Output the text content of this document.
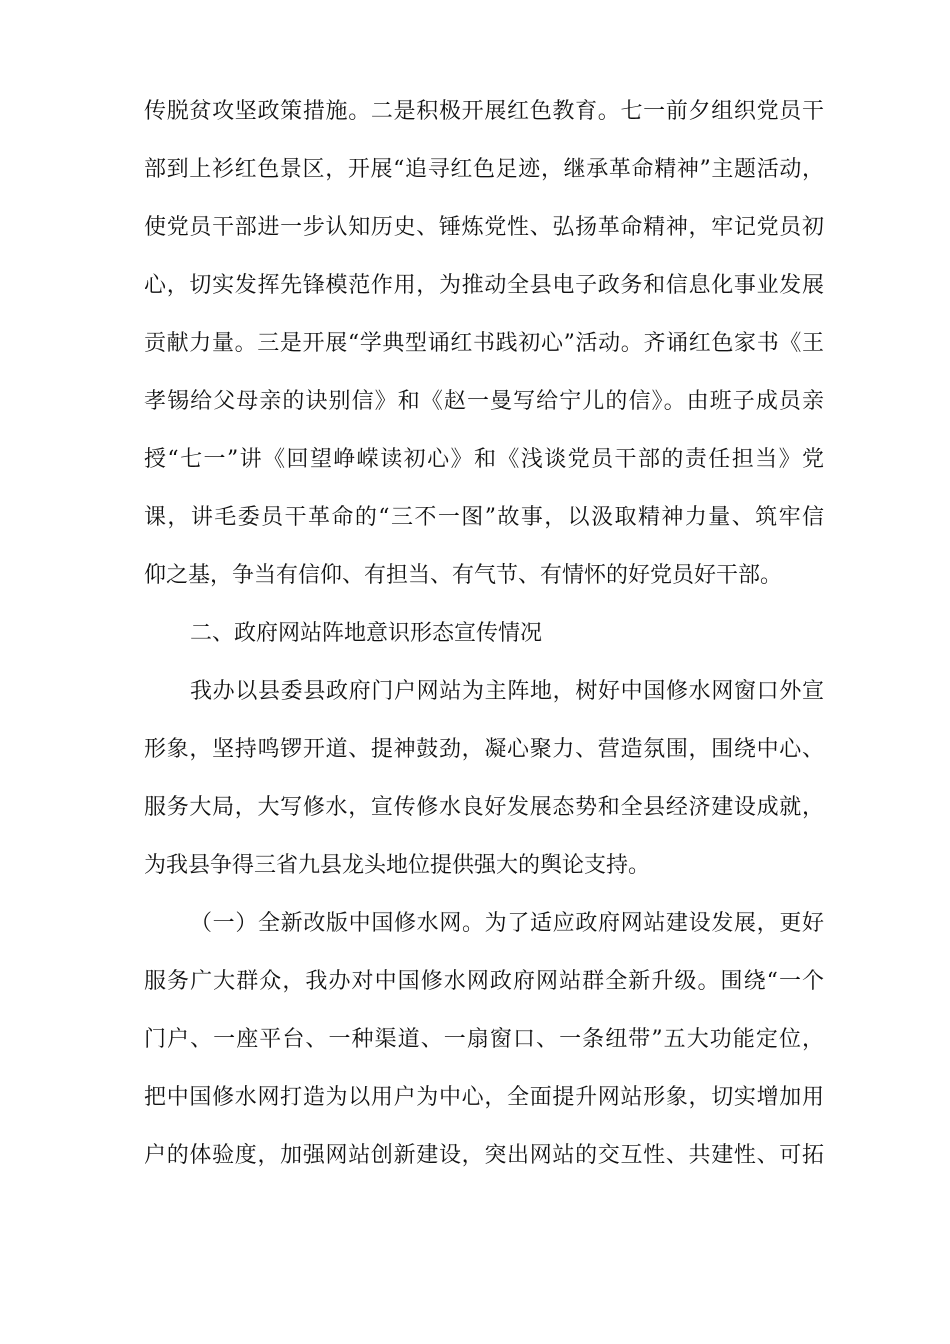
传脱贫攻坚政策措施。二是积极开展红色教育。七一前夕组织党员干
部到上衫红色景区，开展“追寻红色足迹，继承革命精神”主题活动，
使党员干部进一步认知历史、锤炼党性、弘扬革命精神，牢记党员初
心，切实发挥先锋模范作用，为推动全县电子政务和信息化事业发展
贡献力量。三是开展“学典型诵红书践初心”活动。齐诵红色家书《王
孝锡给父母亲的诀别信》和《赵一曼写给宁儿的信》。由班子成员亲
授“七一”讲《回望峥嵘读初心》和《浅谈党员干部的责任担当》党
课，讲毛委员干革命的“三不一图”故事，以汲取精神力量、筑牢信
仰之基，争当有信仰、有担当、有气节、有情怀的好党员好干部。
二、政府网站阵地意识形态宣传情况
我办以县委县政府门户网站为主阵地，树好中国修水网窗口外宣
形象，坚持鸣锣开道、提神鼓劲，凝心聚力、营造氛围，围绕中心、
服务大局，大写修水，宣传修水良好发展态势和全县经济建设成就，
为我县争得三省九县龙头地位提供强大的舆论支持。
（一）全新改版中国修水网。为了适应政府网站建设发展，更好
服务广大群众，我办对中国修水网政府网站群全新升级。围绕“一个
门户、一座平台、一种渠道、一扇窗口、一条纽带”五大功能定位，
把中国修水网打造为以用户为中心，全面提升网站形象，切实增加用
户的体验度，加强网站创新建设，突出网站的交互性、共建性、可拓
